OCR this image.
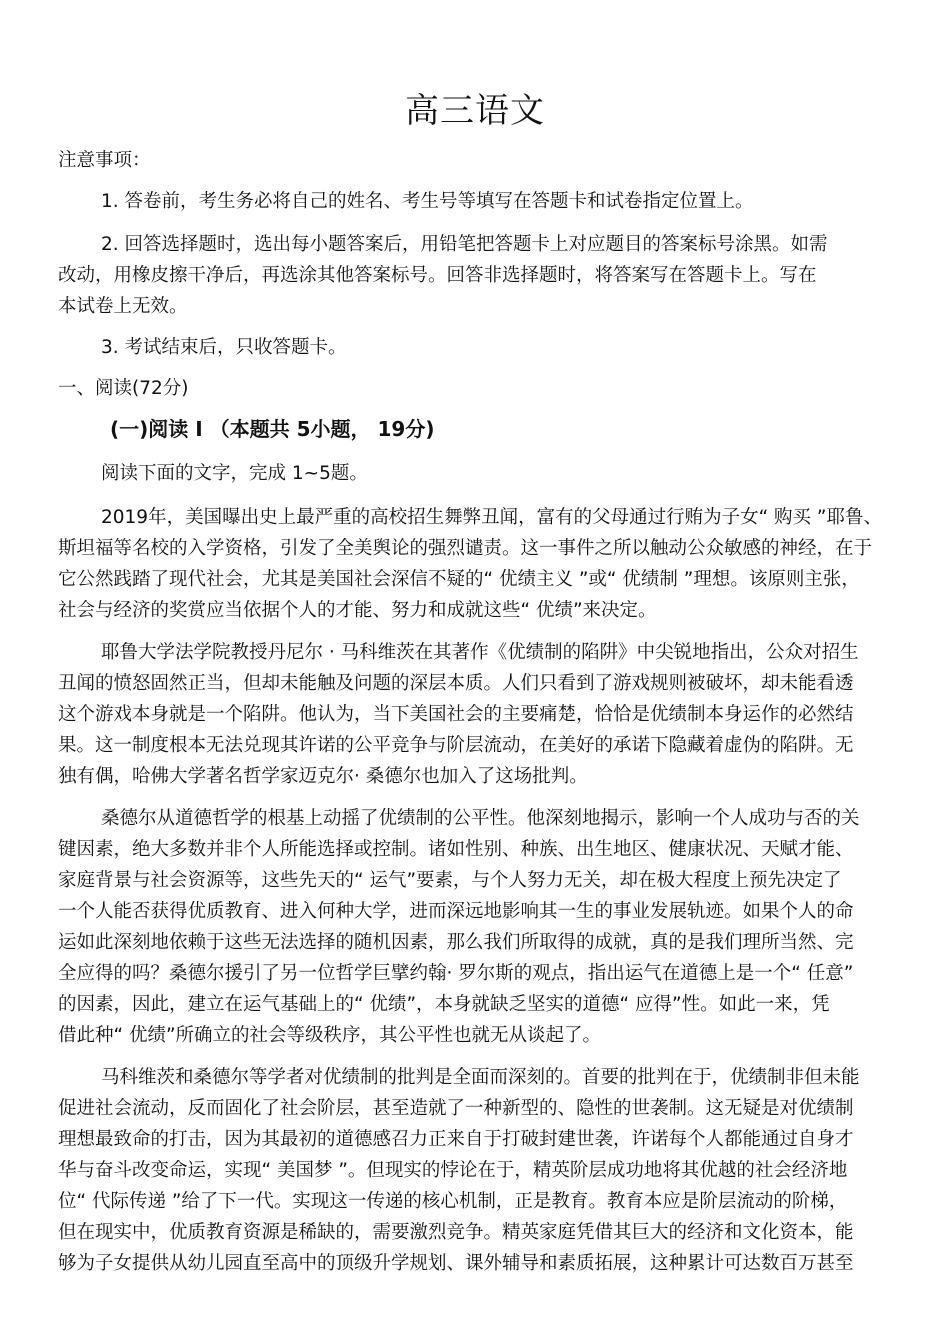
高三语文
注意事项：
1. 答卷前，考生务必将自己的姓名、考生号等填写在答题卡和试卷指定位置上。
2. 回答选择题时，选出每小题答案后，用铅笔把答题卡上对应题目的答案标号涂黑。如需
改动，用橡皮擦干净后，再选涂其他答案标号。回答非选择题时，将答案写在答题卡上。写在
本试卷上无效。
3. 考试结束后，只收答题卡。
一、阅读(72分)
(一)阅读 I （本题共 5小题， 19分)
阅读下面的文字，完成 1~5题。
2019年，美国曝出史上最严重的高校招生舞弊丑闻，富有的父母通过行贿为子女“ 购买 ”耶鲁、
斯坦福等名校的入学资格，引发了全美舆论的强烈谴责。这一事件之所以触动公众敏感的神经，在于
它公然践踏了现代社会，尤其是美国社会深信不疑的“ 优绩主义 ”或“ 优绩制 ”理想。该原则主张，
社会与经济的奖赏应当依据个人的才能、努力和成就这些“ 优绩”来决定。
耶鲁大学法学院教授丹尼尔 · 马科维茨在其著作《优绩制的陷阱》中尖锐地指出，公众对招生
丑闻的愤怒固然正当，但却未能触及问题的深层本质。人们只看到了游戏规则被破坏，却未能看透
这个游戏本身就是一个陷阱。他认为，当下美国社会的主要痛楚，恰恰是优绩制本身运作的必然结
果。这一制度根本无法兑现其许诺的公平竞争与阶层流动，在美好的承诺下隐藏着虚伪的陷阱。无
独有偶，哈佛大学著名哲学家迈克尔· 桑德尔也加入了这场批判。
桑德尔从道德哲学的根基上动摇了优绩制的公平性。他深刻地揭示，影响一个人成功与否的关
键因素，绝大多数并非个人所能选择或控制。诸如性别、种族、出生地区、健康状况、天赋才能、
家庭背景与社会资源等，这些先天的“ 运气”要素，与个人努力无关，却在极大程度上预先决定了
一个人能否获得优质教育、进入何种大学，进而深远地影响其一生的事业发展轨迹。如果个人的命
运如此深刻地依赖于这些无法选择的随机因素，那么我们所取得的成就，真的是我们理所当然、完
全应得的吗？桑德尔援引了另一位哲学巨擘约翰· 罗尔斯的观点，指出运气在道德上是一个“ 任意”
的因素，因此，建立在运气基础上的“ 优绩”，本身就缺乏坚实的道德“ 应得”性。如此一来，凭
借此种“ 优绩”所确立的社会等级秩序，其公平性也就无从谈起了。
马科维茨和桑德尔等学者对优绩制的批判是全面而深刻的。首要的批判在于，优绩制非但未能
促进社会流动，反而固化了社会阶层，甚至造就了一种新型的、隐性的世袭制。这无疑是对优绩制
理想最致命的打击，因为其最初的道德感召力正来自于打破封建世袭，许诺每个人都能通过自身才
华与奋斗改变命运，实现“ 美国梦 ”。但现实的悖论在于，精英阶层成功地将其优越的社会经济地
位“ 代际传递 ”给了下一代。实现这一传递的核心机制，正是教育。教育本应是阶层流动的阶梯，
但在现实中，优质教育资源是稀缺的，需要激烈竞争。精英家庭凭借其巨大的经济和文化资本，能
够为子女提供从幼儿园直至高中的顶级升学规划、课外辅导和素质拓展，这种累计可达数百万甚至
